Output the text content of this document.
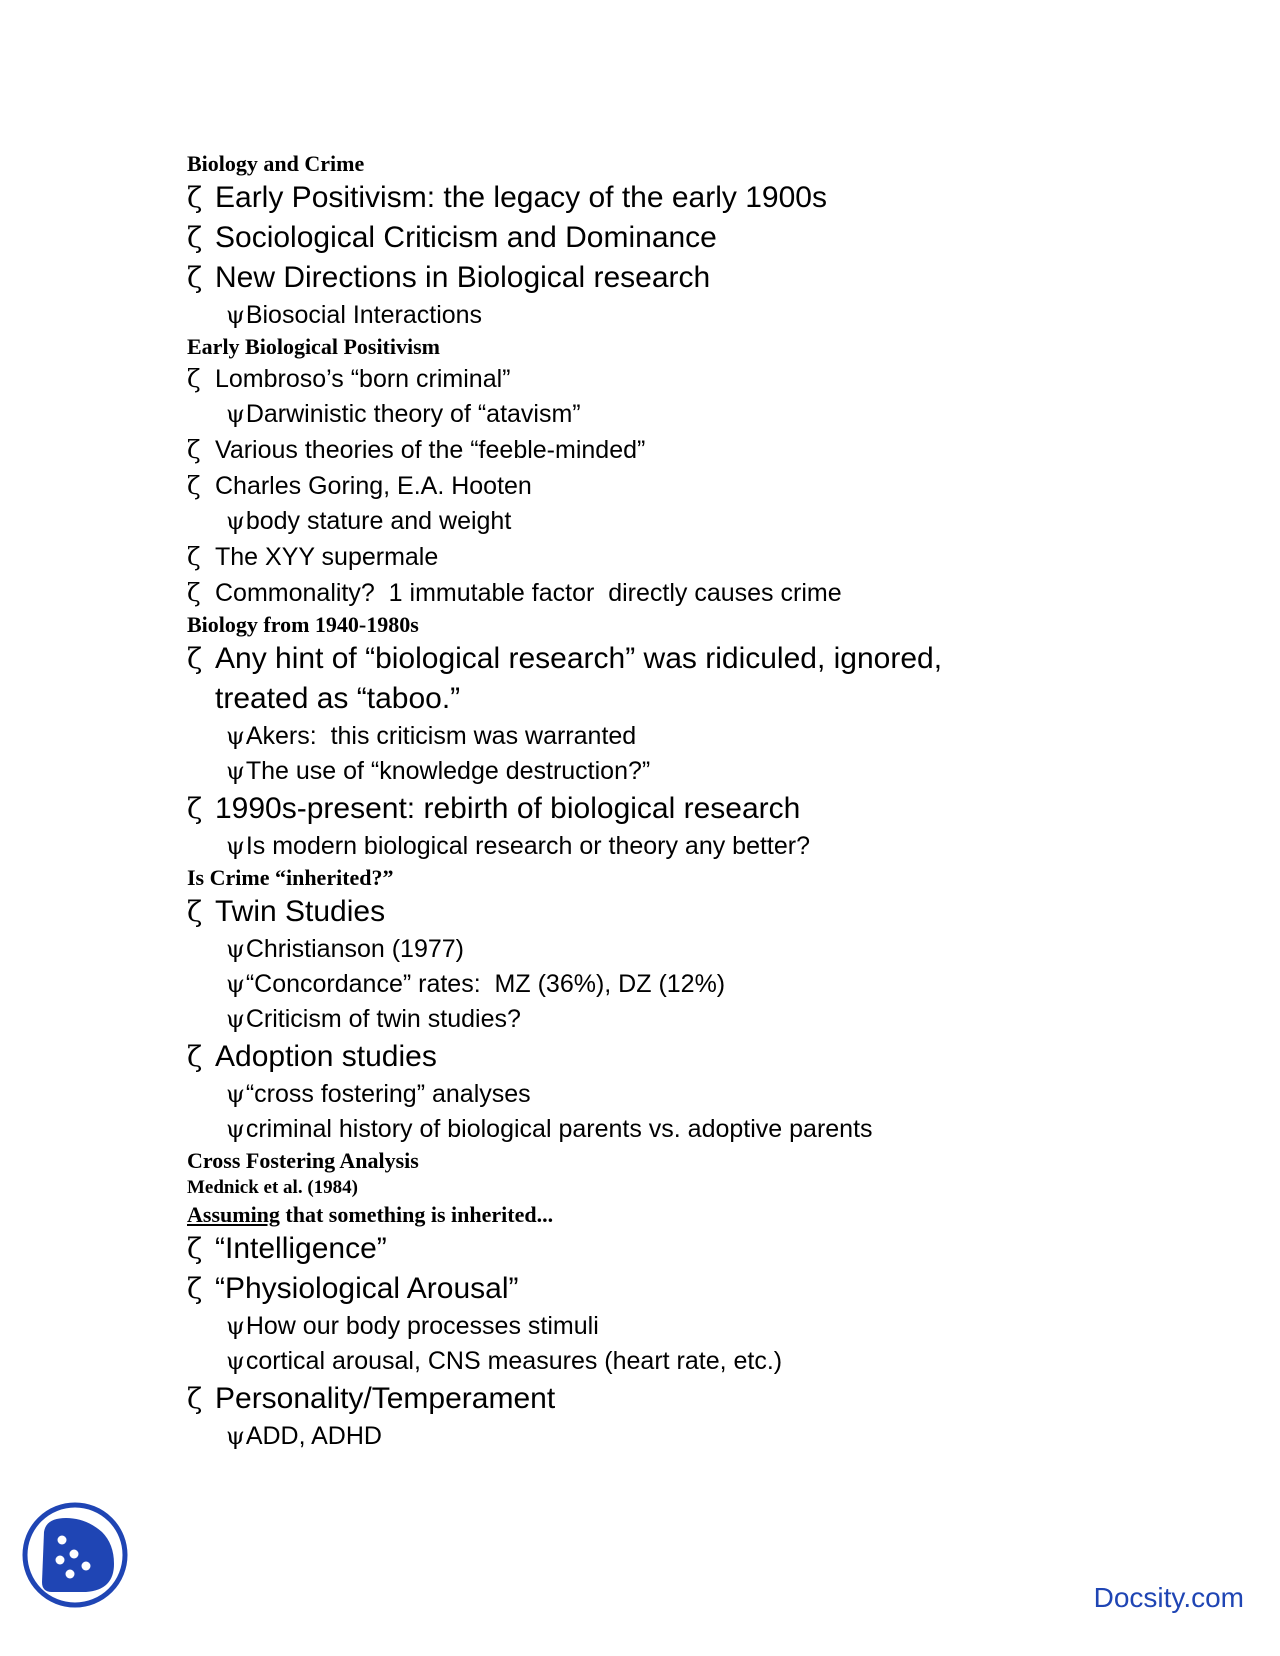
Biology and Crime
ζ Early Positivism: the legacy of the early 1900s
ζ Sociological Criticism and Dominance
ζ New Directions in Biological research
ψ Biosocial Interactions
Early Biological Positivism
ζ Lombroso’s “born criminal”
ψ Darwinistic theory of “atavism”
ζ Various theories of the “feeble-minded”
ζ Charles Goring, E.A. Hooten
ψ body stature and weight
ζ The XYY supermale
ζ Commonality?  1 immutable factor  directly causes crime
Biology from 1940-1980s
ζ Any hint of “biological research” was ridiculed, ignored,
treated as “taboo.”
ψ Akers:  this criticism was warranted
ψ The use of “knowledge destruction?”
ζ 1990s-present: rebirth of biological research
ψ Is modern biological research or theory any better?
Is Crime “inherited?”
ζ Twin Studies
ψ Christianson (1977)
ψ “Concordance” rates:  MZ (36%), DZ (12%)
ψ Criticism of twin studies?
ζ Adoption studies
ψ “cross fostering” analyses
ψ criminal history of biological parents vs. adoptive parents
Cross Fostering Analysis
Mednick et al. (1984)
Assuming that something is inherited...
ζ “Intelligence”
ζ “Physiological Arousal”
ψ How our body processes stimuli
ψ cortical arousal, CNS measures (heart rate, etc.)
ζ Personality/Temperament
ψ ADD, ADHD
Docsity.com
